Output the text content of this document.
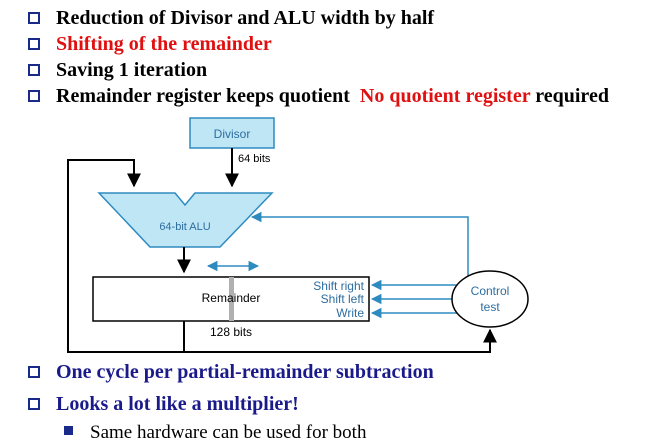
Reduction of Divisor and ALU width by half
Shifting of the remainder
Saving 1 iteration
Remainder register keeps quotient No quotient register required
Divisor
64 bits
64-bit ALU
Remainder
Shift right
Shift left
Write
Control
test
128 bits
One cycle per partial-remainder subtraction
Looks a lot like a multiplier!
Same hardware can be used for both
